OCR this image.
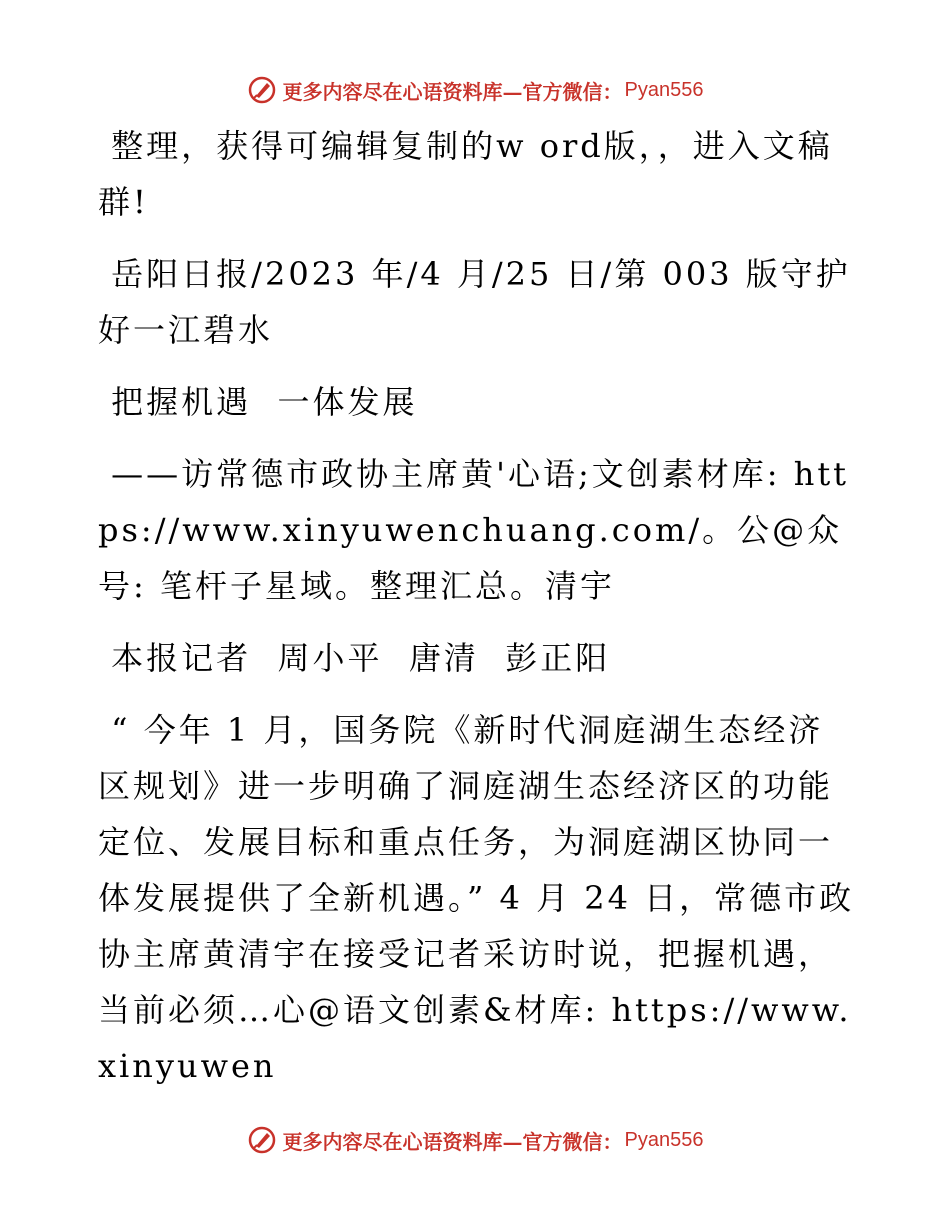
更多内容尽在心语资料库—官方微信： Pyan556

整理，获得可编辑复制的w ord版，，进入文稿群!

岳阳日报/2023 年/4 月/25 日/第 003 版守护好一江碧水

把握机遇  一体发展

——访常德市政协主席黄'心语;文创素材库: https://www.xinyuwenchuang.com/。公@众号: 笔杆子星域。整理汇总。清宇

本报记者  周小平  唐清  彭正阳

“ 今年 1 月，国务院《新时代洞庭湖生态经济区规划》进一步明确了洞庭湖生态经济区的功能定位、发展目标和重点任务，为洞庭湖区协同一体发展提供了全新机遇。” 4 月 24 日，常德市政协主席黄清宇在接受记者采访时说，把握机遇，当前必须…心@语文创素&材库: https://www.xinyuwen

更多内容尽在心语资料库—官方微信： Pyan556
